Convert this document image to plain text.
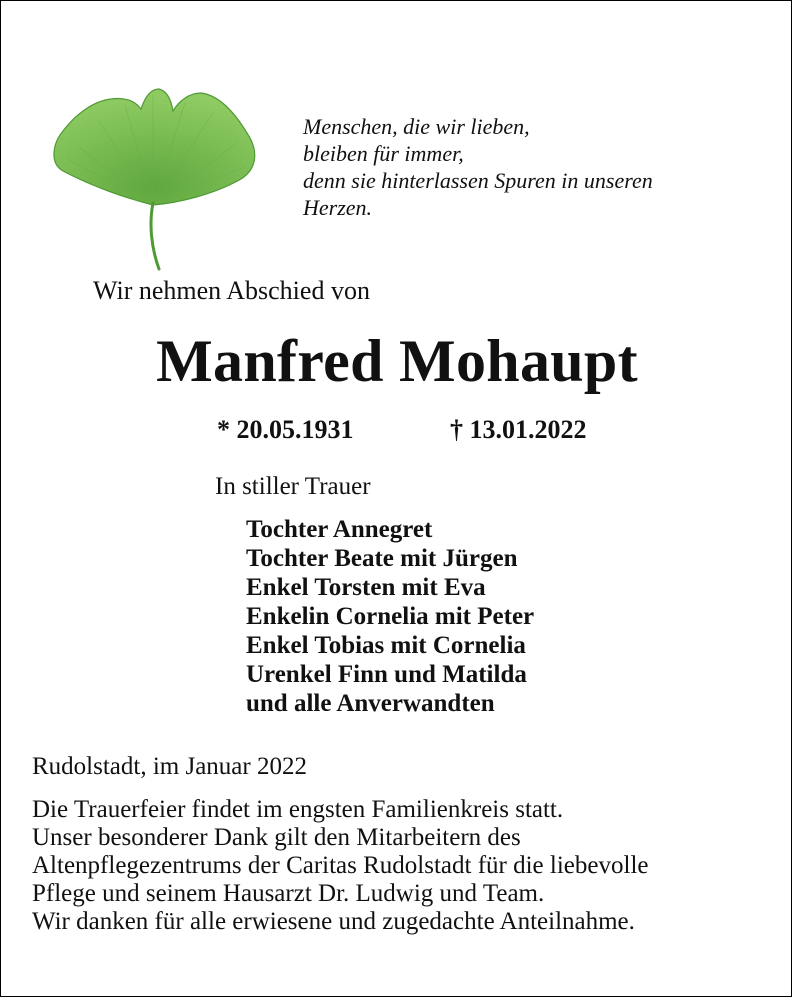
Menschen, die wir lieben,
bleiben für immer,
denn sie hinterlassen Spuren in unseren
Herzen.
Wir nehmen Abschied von
Manfred Mohaupt
* 20.05.1931	† 13.01.2022
In stiller Trauer
Tochter Annegret
Tochter Beate mit Jürgen
Enkel Torsten mit Eva
Enkelin Cornelia mit Peter
Enkel Tobias mit Cornelia
Urenkel Finn und Matilda
und alle Anverwandten
Rudolstadt, im Januar 2022
Die Trauerfeier findet im engsten Familienkreis statt.
Unser besonderer Dank gilt den Mitarbeitern des
Altenpflegezentrums der Caritas Rudolstadt für die liebevolle
Pflege und seinem Hausarzt Dr. Ludwig und Team.
Wir danken für alle erwiesene und zugedachte Anteilnahme.
